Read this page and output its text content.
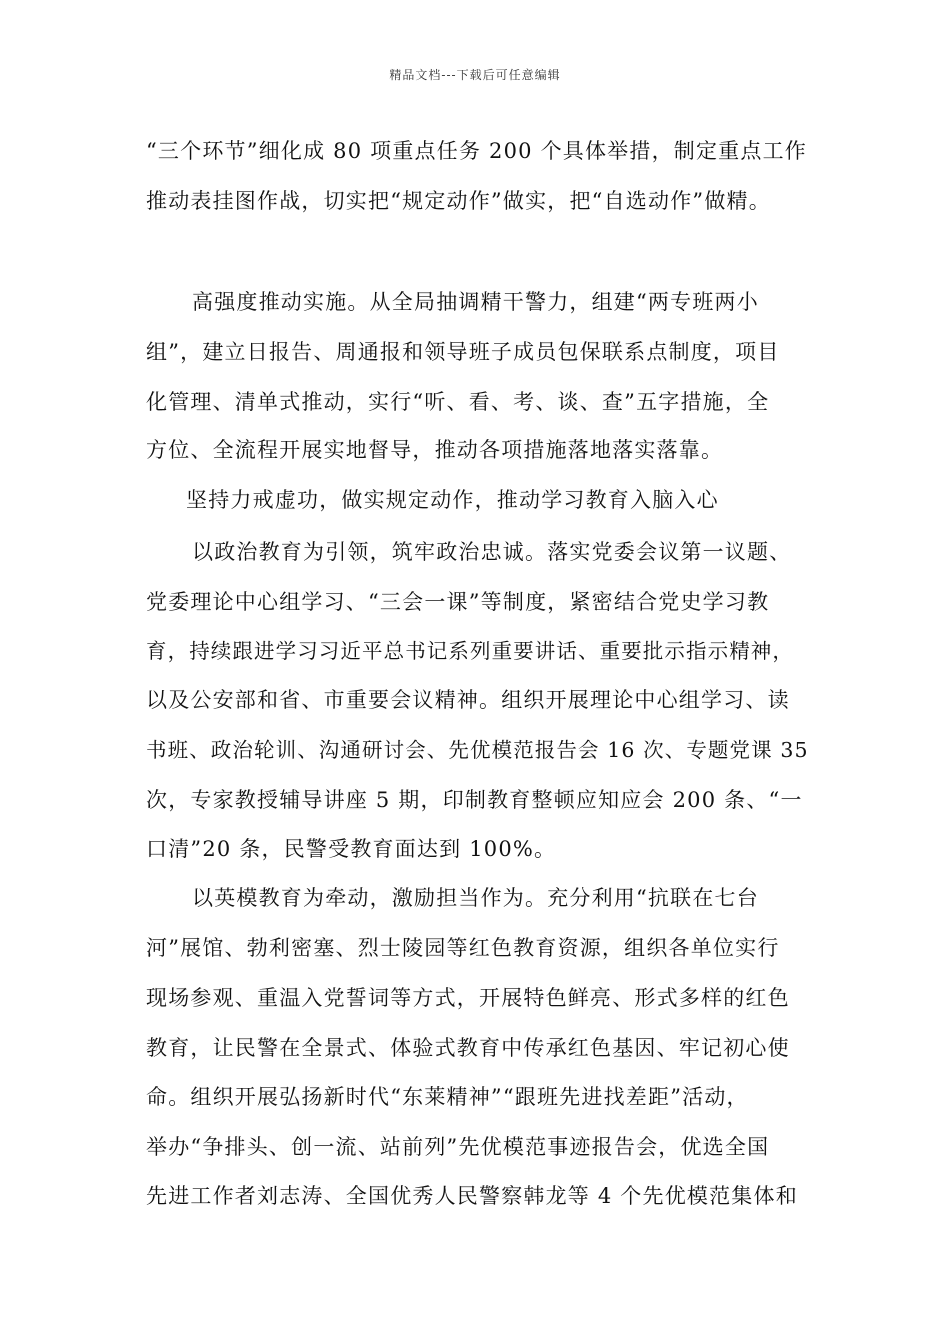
精品文档---下载后可任意编辑
“三个环节”细化成 80 项重点任务 200 个具体举措，制定重点工作
推动表挂图作战，切实把“规定动作”做实，把“自选动作”做精。
高强度推动实施。从全局抽调精干警力，组建“两专班两小
组”，建立日报告、周通报和领导班子成员包保联系点制度，项目
化管理、清单式推动，实行“听、看、考、谈、查”五字措施，全
方位、全流程开展实地督导，推动各项措施落地落实落靠。
坚持力戒虚功，做实规定动作，推动学习教育入脑入心
以政治教育为引领，筑牢政治忠诚。落实党委会议第一议题、
党委理论中心组学习、“三会一课”等制度，紧密结合党史学习教
育，持续跟进学习习近平总书记系列重要讲话、重要批示指示精神，
以及公安部和省、市重要会议精神。组织开展理论中心组学习、读
书班、政治轮训、沟通研讨会、先优模范报告会 16 次、专题党课 35
次，专家教授辅导讲座 5 期，印制教育整顿应知应会 200 条、“一
口清”20 条，民警受教育面达到 100%。
以英模教育为牵动，激励担当作为。充分利用“抗联在七台
河”展馆、勃利密塞、烈士陵园等红色教育资源，组织各单位实行
现场参观、重温入党誓词等方式，开展特色鲜亮、形式多样的红色
教育，让民警在全景式、体验式教育中传承红色基因、牢记初心使
命。组织开展弘扬新时代“东莱精神”“跟班先进找差距”活动，
举办“争排头、创一流、站前列”先优模范事迹报告会，优选全国
先进工作者刘志涛、全国优秀人民警察韩龙等 4 个先优模范集体和
